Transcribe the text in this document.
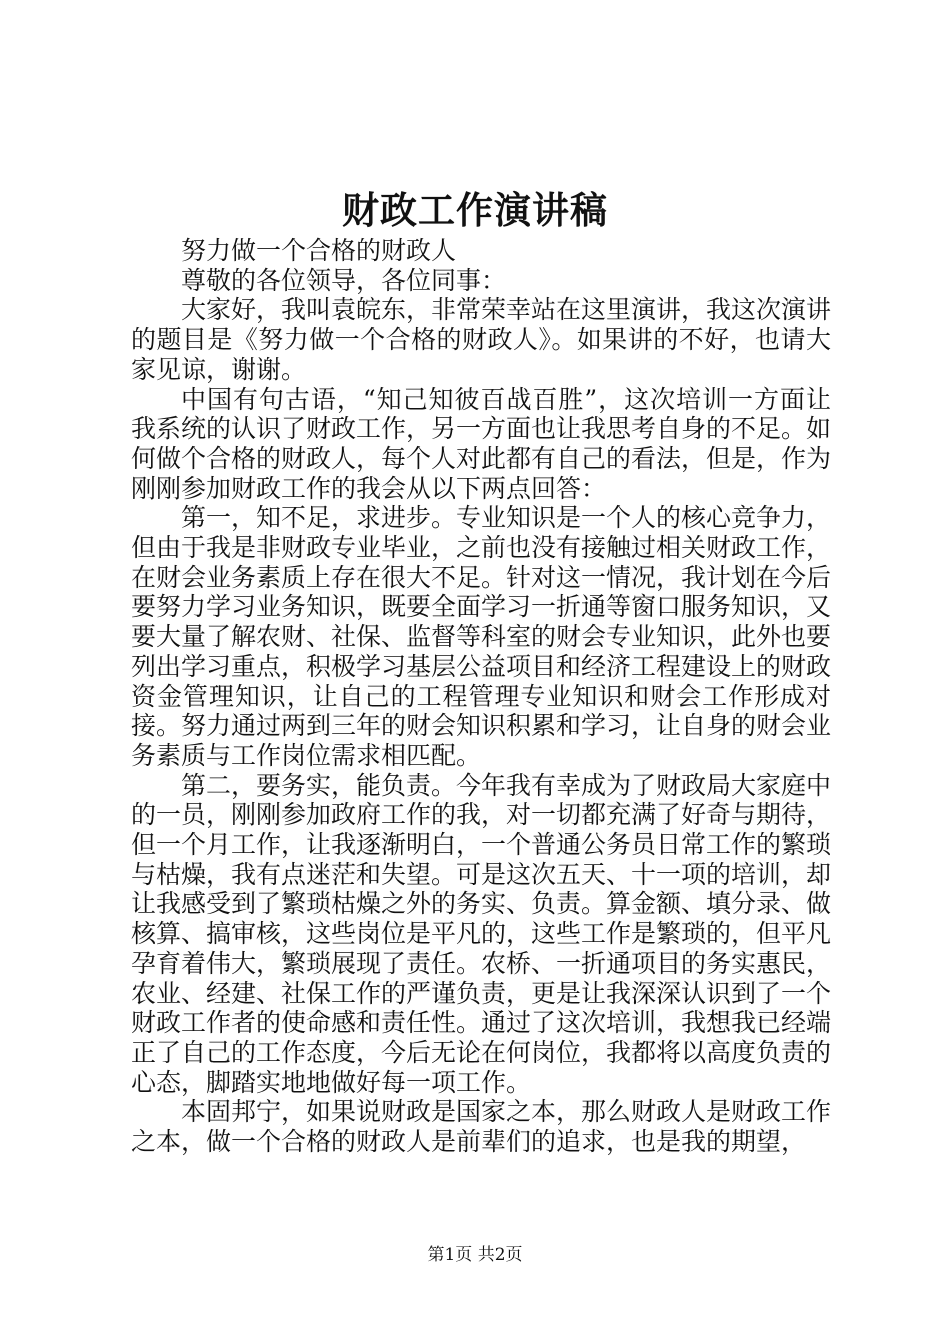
财政工作演讲稿

努力做一个合格的财政人

尊敬的各位领导，各位同事：

大家好，我叫袁皖东，非常荣幸站在这里演讲，我这次演讲的题目是《努力做一个合格的财政人》。如果讲的不好，也请大家见谅，谢谢。

中国有句古语，“知己知彼百战百胜”，这次培训一方面让我系统的认识了财政工作，另一方面也让我思考自身的不足。如何做个合格的财政人，每个人对此都有自己的看法，但是，作为刚刚参加财政工作的我会从以下两点回答：

第一，知不足，求进步。专业知识是一个人的核心竞争力，但由于我是非财政专业毕业，之前也没有接触过相关财政工作，在财会业务素质上存在很大不足。针对这一情况，我计划在今后要努力学习业务知识，既要全面学习一折通等窗口服务知识，又要大量了解农财、社保、监督等科室的财会专业知识，此外也要列出学习重点，积极学习基层公益项目和经济工程建设上的财政资金管理知识，让自己的工程管理专业知识和财会工作形成对接。努力通过两到三年的财会知识积累和学习，让自身的财会业务素质与工作岗位需求相匹配。

第二，要务实，能负责。今年我有幸成为了财政局大家庭中的一员，刚刚参加政府工作的我，对一切都充满了好奇与期待，但一个月工作，让我逐渐明白，一个普通公务员日常工作的繁琐与枯燥，我有点迷茫和失望。可是这次五天、十一项的培训，却让我感受到了繁琐枯燥之外的务实、负责。算金额、填分录、做核算、搞审核，这些岗位是平凡的，这些工作是繁琐的，但平凡孕育着伟大，繁琐展现了责任。农桥、一折通项目的务实惠民，农业、经建、社保工作的严谨负责，更是让我深深认识到了一个财政工作者的使命感和责任性。通过了这次培训，我想我已经端正了自己的工作态度，今后无论在何岗位，我都将以高度负责的心态，脚踏实地地做好每一项工作。

本固邦宁，如果说财政是国家之本，那么财政人是财政工作之本，做一个合格的财政人是前辈们的追求，也是我的期望，

第1页 共2页
